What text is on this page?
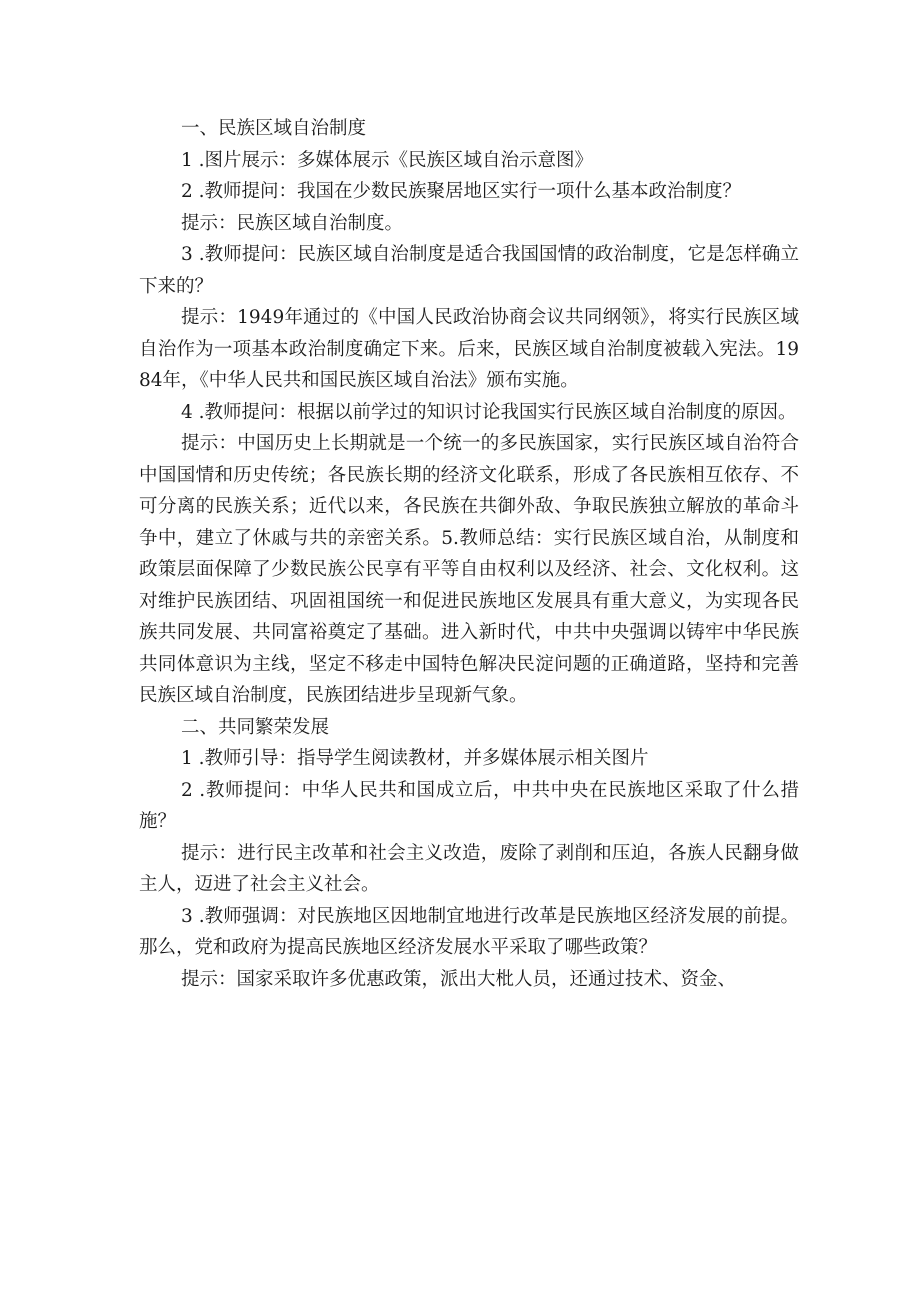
一、民族区域自治制度

1 .图片展示：多媒体展示《民族区域自治示意图》

2 .教师提问：我国在少数民族聚居地区实行一项什么基本政治制度？

提示：民族区域自治制度。

3 .教师提问：民族区域自治制度是适合我国国情的政治制度，它是怎样确立下来的？

提示：1949年通过的《中国人民政治协商会议共同纲领》，将实行民族区域自治作为一项基本政治制度确定下来。后来，民族区域自治制度被载入宪法。1984年，《中华人民共和国民族区域自治法》颁布实施。

4 .教师提问：根据以前学过的知识讨论我国实行民族区域自治制度的原因。

提示：中国历史上长期就是一个统一的多民族国家，实行民族区域自治符合中国国情和历史传统；各民族长期的经济文化联系，形成了各民族相互依存、不可分离的民族关系；近代以来，各民族在共御外敌、争取民族独立解放的革命斗争中，建立了休戚与共的亲密关系。5.教师总结：实行民族区域自治，从制度和政策层面保障了少数民族公民享有平等自由权利以及经济、社会、文化权利。这对维护民族团结、巩固祖国统一和促进民族地区发展具有重大意义，为实现各民族共同发展、共同富裕奠定了基础。进入新时代，中共中央强调以铸牢中华民族共同体意识为主线，坚定不移走中国特色解决民淀问题的正确道路，坚持和完善民族区域自治制度，民族团结进步呈现新气象。

二、共同繁荣发展

1 .教师引导：指导学生阅读教材，并多媒体展示相关图片

2 .教师提问：中华人民共和国成立后，中共中央在民族地区采取了什么措施？

提示：进行民主改革和社会主义改造，废除了剥削和压迫，各族人民翻身做主人，迈进了社会主义社会。

3 .教师强调：对民族地区因地制宜地进行改革是民族地区经济发展的前提。那么，党和政府为提高民族地区经济发展水平采取了哪些政策？

提示：国家采取许多优惠政策，派出大枇人员，还通过技术、资金、
